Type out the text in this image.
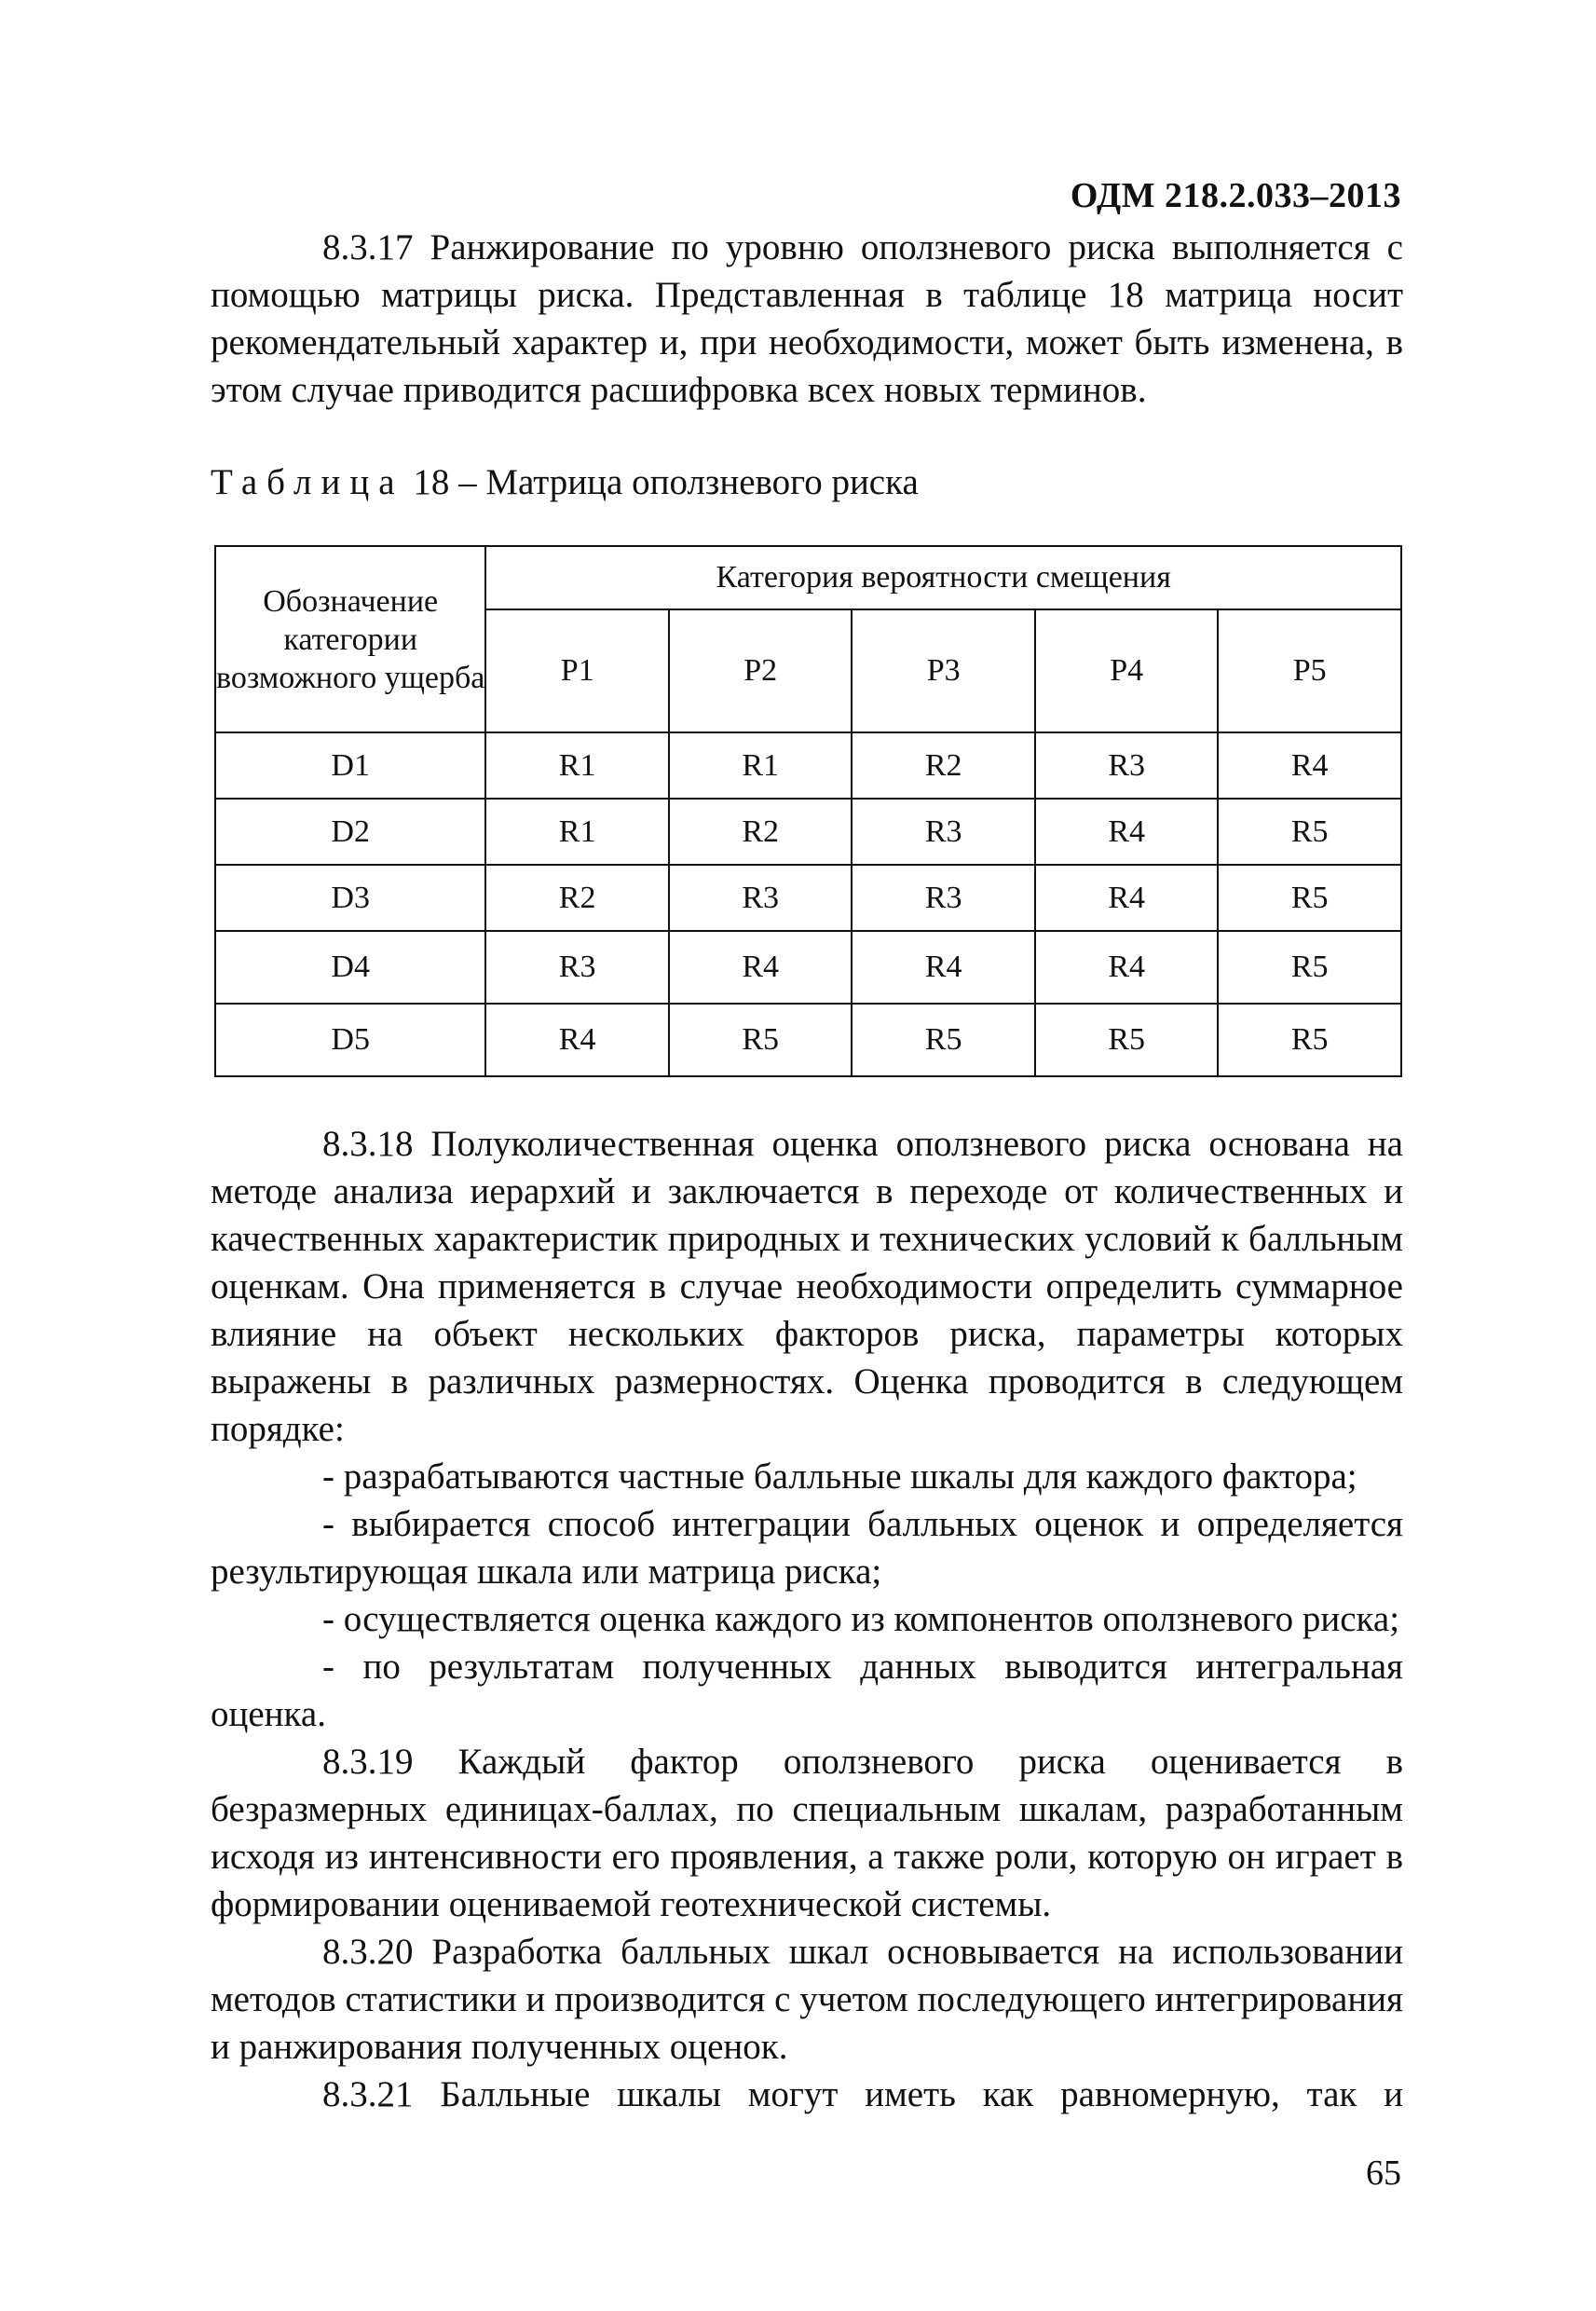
ОДМ 218.2.033–2013

8.3.17 Ранжирование по уровню оползневого риска выполняется с помощью матрицы риска. Представленная в таблице 18 матрица носит рекомендательный характер и, при необходимости, может быть изменена, в этом случае приводится расшифровка всех новых терминов.

Таблица 18 – Матрица оползневого риска
Обозначение категории возможного ущерба	Категория вероятности смещения				
	P1	P2	P3	P4	P5
D1	R1	R1	R2	R3	R4
D2	R1	R2	R3	R4	R5
D3	R2	R3	R3	R4	R5
D4	R3	R4	R4	R4	R5
D5	R4	R5	R5	R5	R5

8.3.18 Полуколичественная оценка оползневого риска основана на методе анализа иерархий и заключается в переходе от количественных и качественных характеристик природных и технических условий к балльным оценкам. Она применяется в случае необходимости определить суммарное влияние на объект нескольких факторов риска, параметры которых выражены в различных размерностях. Оценка проводится в следующем порядке:

- разрабатываются частные балльные шкалы для каждого фактора;

- выбирается способ интеграции балльных оценок и определяется результирующая шкала или матрица риска;

- осуществляется оценка каждого из компонентов оползневого риска;

- по результатам полученных данных выводится интегральная оценка.

8.3.19 Каждый фактор оползневого риска оценивается в безразмерных единицах-баллах, по специальным шкалам, разработанным исходя из интенсивности его проявления, а также роли, которую он играет в формировании оцениваемой геотехнической системы.

8.3.20 Разработка балльных шкал основывается на использовании методов статистики и производится с учетом последующего интегрирования и ранжирования полученных оценок.

8.3.21 Балльные шкалы могут иметь как равномерную, так и

65
